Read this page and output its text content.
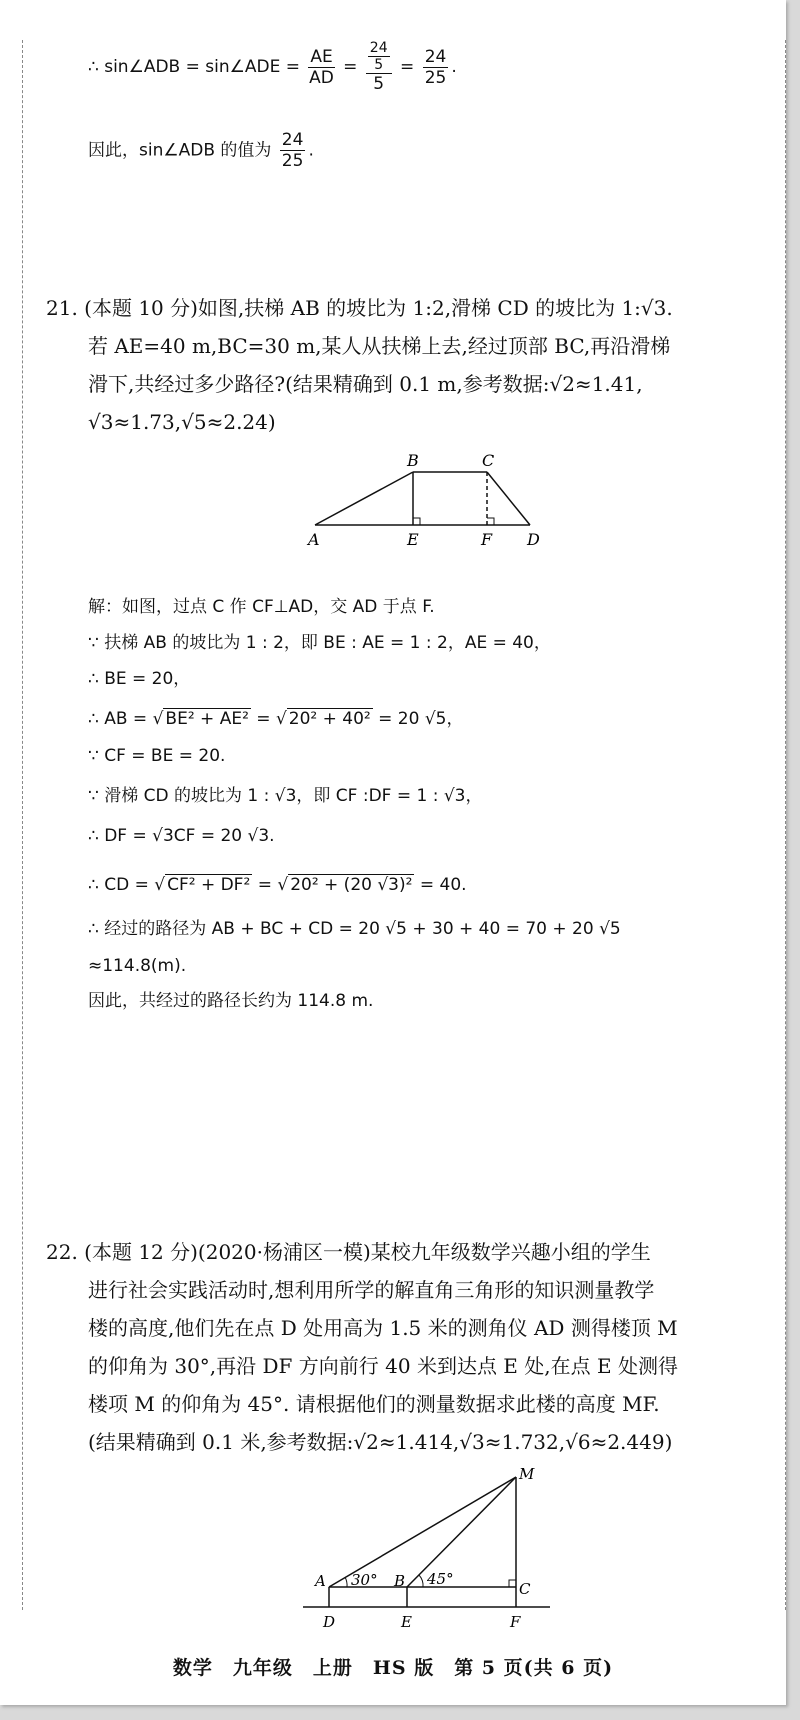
∴ sin∠ADB = sin∠ADE = $\frac{AE}{AD} = \frac{\frac{24}{5}}{5} = \frac{24}{25}$ .
因此，sin∠ADB 的值为 $\frac{24}{25}$ .
21. (本题 10 分)如图,扶梯 AB 的坡比为 1:2,滑梯 CD 的坡比为 1:√3.
若 AE=40 m,BC=30 m,某人从扶梯上去,经过顶部 BC,再沿滑梯
滑下,共经过多少路径?(结果精确到 0.1 m,参考数据:√2≈1.41,
√3≈1.73,√5≈2.24)
A
B	C
D
E	F
解：如图，过点 C 作 CF⊥AD，交 AD 于点 F.
∵ 扶梯 AB 的坡比为 1 : 2，即 BE : AE = 1 : 2，AE = 40，
∴ BE = 20，
∴ AB = √ BE² + AE² = √ 20² + 40² = 20 √5，
∵ CF = BE = 20.
∵ 滑梯 CD 的坡比为 1 : √3，即 CF :DF = 1 : √3，
∴ DF = √3CF = 20 √3.
∴ CD = √ CF² + DF² = √ 20² + (20 √3)² = 40.
∴ 经过的路径为 AB + BC + CD = 20 √5 + 30 + 40 = 70 + 20 √5
≈114.8(m).
因此，共经过的路径长约为 114.8 m.
22. (本题 12 分)(2020·杨浦区一模)某校九年级数学兴趣小组的学生
进行社会实践活动时,想利用所学的解直角三角形的知识测量教学
楼的高度,他们先在点 D 处用高为 1.5 米的测角仪 AD 测得楼顶 M
的仰角为 30°,再沿 DF 方向前行 40 米到达点 E 处,在点 E 处测得
楼项 M 的仰角为 45°. 请根据他们的测量数据求此楼的高度 MF.
(结果精确到 0.1 米,参考数据:√2≈1.414,√3≈1.732,√6≈2.449)
M
A	B	C
D	E	F
30°	45°
数学　九年级　上册　HS 版　第 5 页(共 6 页)
